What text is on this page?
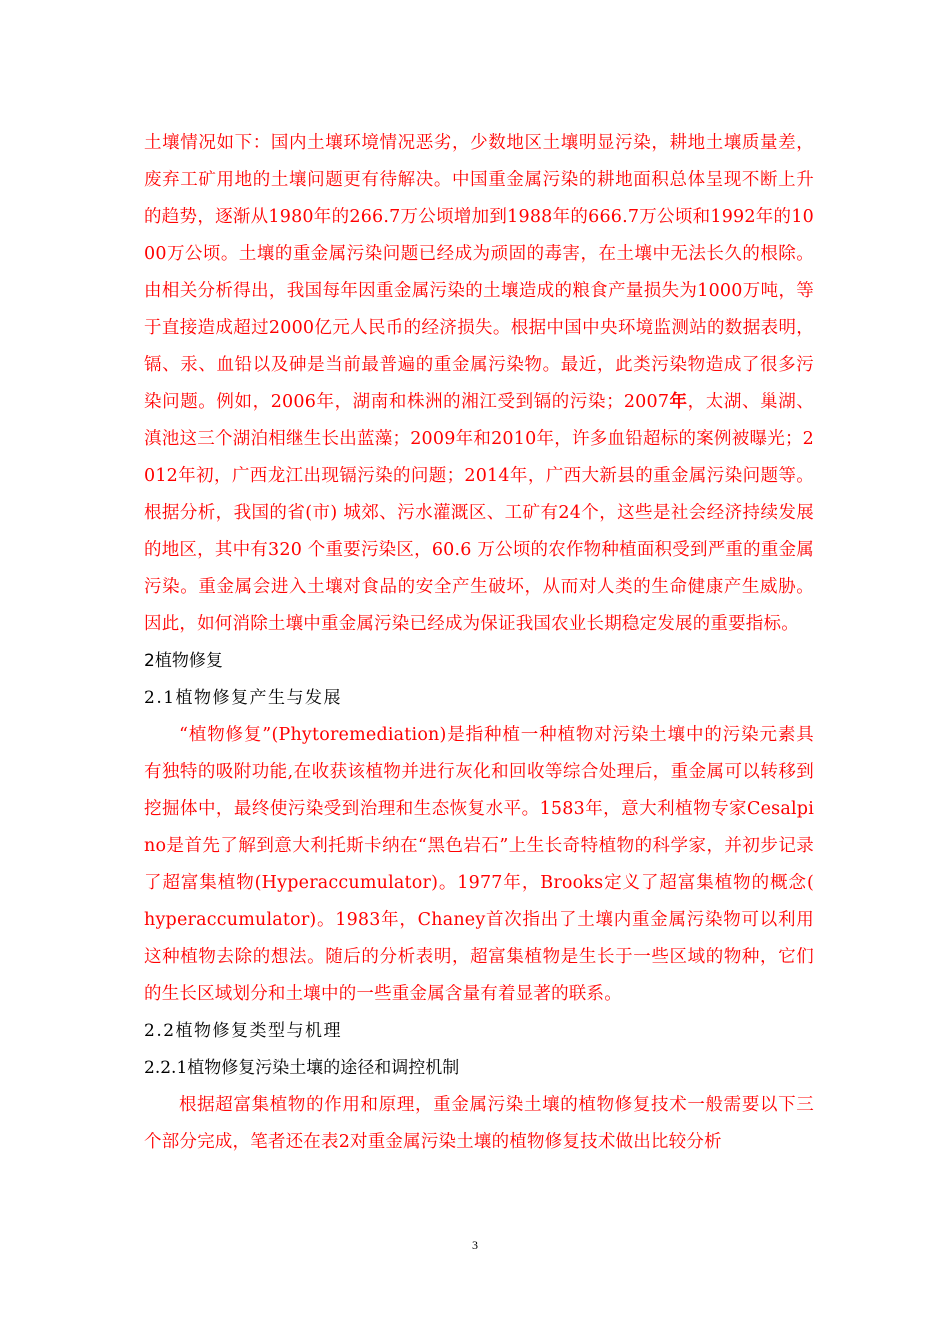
土壤情况如下：国内土壤环境情况恶劣，少数地区土壤明显污染，耕地土壤质量差，废弃工矿用地的土壤问题更有待解决。中国重金属污染的耕地面积总体呈现不断上升的趋势，逐渐从1980年的266.7万公顷增加到1988年的666.7万公顷和1992年的1000万公顷。土壤的重金属污染问题已经成为顽固的毒害，在土壤中无法长久的根除。由相关分析得出，我国每年因重金属污染的土壤造成的粮食产量损失为1000万吨，等于直接造成超过2000亿元人民币的经济损失。根据中国中央环境监测站的数据表明，镉、汞、血铅以及砷是当前最普遍的重金属污染物。最近，此类污染物造成了很多污染问题。例如，2006年，湖南和株洲的湘江受到镉的污染；2007年，太湖、巢湖、滇池这三个湖泊相继生长出蓝藻；2009年和2010年，许多血铅超标的案例被曝光；2012年初，广西龙江出现镉污染的问题；2014年，广西大新县的重金属污染问题等。根据分析，我国的省(市) 城郊、污水灌溉区、工矿有24个，这些是社会经济持续发展的地区，其中有320 个重要污染区，60.6 万公顷的农作物种植面积受到严重的重金属污染。重金属会进入土壤对食品的安全产生破坏，从而对人类的生命健康产生威胁。因此，如何消除土壤中重金属污染已经成为保证我国农业长期稳定发展的重要指标。

2植物修复

2.1植物修复产生与发展

“植物修复”(Phytoremediation)是指种植一种植物对污染土壤中的污染元素具有独特的吸附功能,在收获该植物并进行灰化和回收等综合处理后，重金属可以转移到挖掘体中，最终使污染受到治理和生态恢复水平。1583年，意大利植物专家Cesalpino是首先了解到意大利托斯卡纳在“黑色岩石”上生长奇特植物的科学家，并初步记录了超富集植物(Hyperaccumulator)。1977年，Brooks定义了超富集植物的概念( hyperaccumulator)。1983年，Chaney首次指出了土壤内重金属污染物可以利用这种植物去除的想法。随后的分析表明，超富集植物是生长于一些区域的物种，它们的生长区域划分和土壤中的一些重金属含量有着显著的联系。

2.2植物修复类型与机理

2.2.1植物修复污染土壤的途径和调控机制

根据超富集植物的作用和原理，重金属污染土壤的植物修复技术一般需要以下三个部分完成，笔者还在表2对重金属污染土壤的植物修复技术做出比较分析

3
